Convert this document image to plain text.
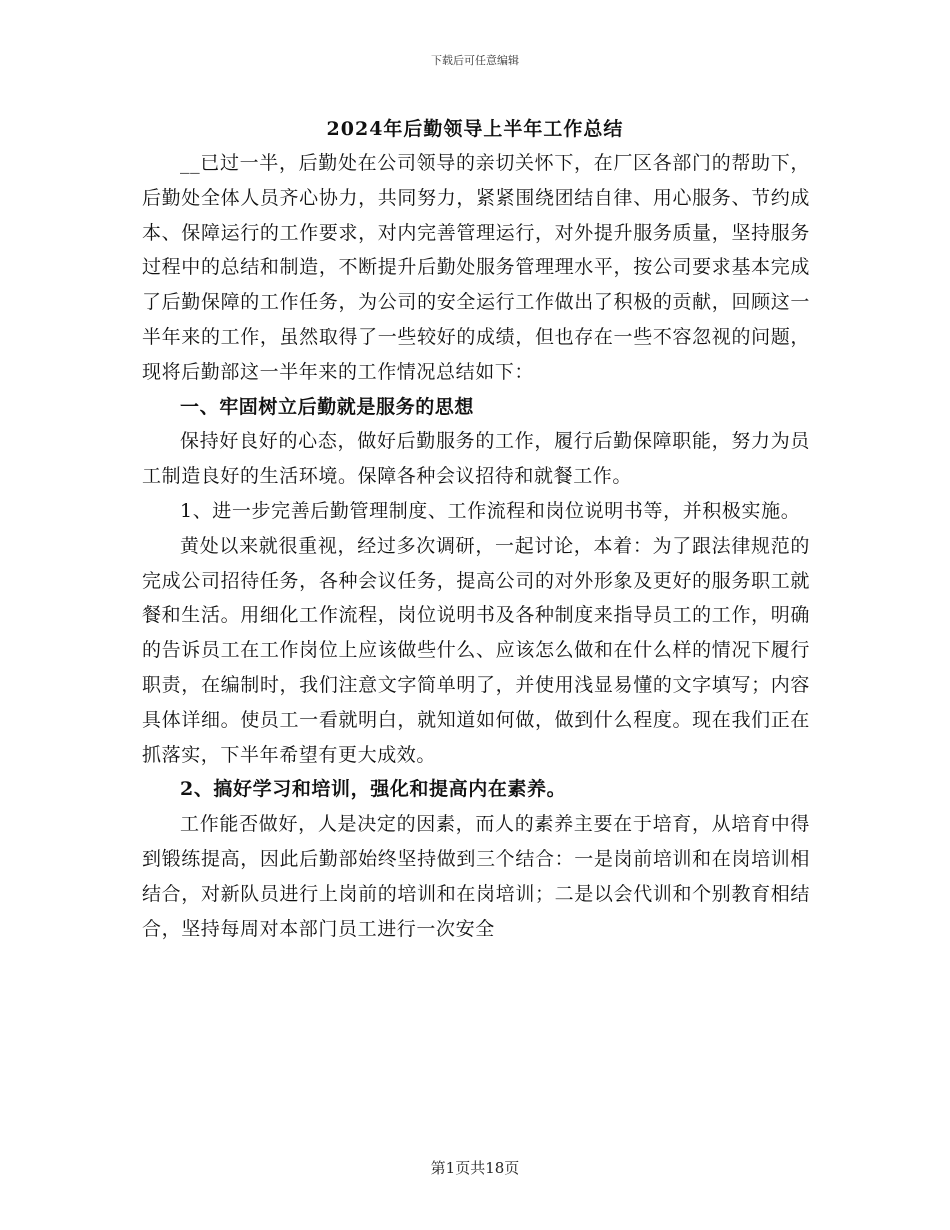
下载后可任意编辑
2024年后勤领导上半年工作总结

__已过一半，后勤处在公司领导的亲切关怀下，在厂区各部门的帮助下，后勤处全体人员齐心协力，共同努力，紧紧围绕团结自律、用心服务、节约成本、保障运行的工作要求，对内完善管理运行，对外提升服务质量，坚持服务过程中的总结和制造，不断提升后勤处服务管理理水平，按公司要求基本完成了后勤保障的工作任务，为公司的安全运行工作做出了积极的贡献，回顾这一半年来的工作，虽然取得了一些较好的成绩，但也存在一些不容忽视的问题，现将后勤部这一半年来的工作情况总结如下：

一、牢固树立后勤就是服务的思想

保持好良好的心态，做好后勤服务的工作，履行后勤保障职能，努力为员工制造良好的生活环境。保障各种会议招待和就餐工作。

1、进一步完善后勤管理制度、工作流程和岗位说明书等，并积极实施。

黄处以来就很重视，经过多次调研，一起讨论，本着：为了跟法律规范的完成公司招待任务，各种会议任务，提高公司的对外形象及更好的服务职工就餐和生活。用细化工作流程，岗位说明书及各种制度来指导员工的工作，明确的告诉员工在工作岗位上应该做些什么、应该怎么做和在什么样的情况下履行职责，在编制时，我们注意文字简单明了，并使用浅显易懂的文字填写；内容具体详细。使员工一看就明白，就知道如何做，做到什么程度。现在我们正在抓落实，下半年希望有更大成效。

2、搞好学习和培训，强化和提高内在素养。

工作能否做好，人是决定的因素，而人的素养主要在于培育，从培育中得到锻练提高，因此后勤部始终坚持做到三个结合：一是岗前培训和在岗培训相结合，对新队员进行上岗前的培训和在岗培训；二是以会代训和个别教育相结合，坚持每周对本部门员工进行一次安全

第1页共18页
